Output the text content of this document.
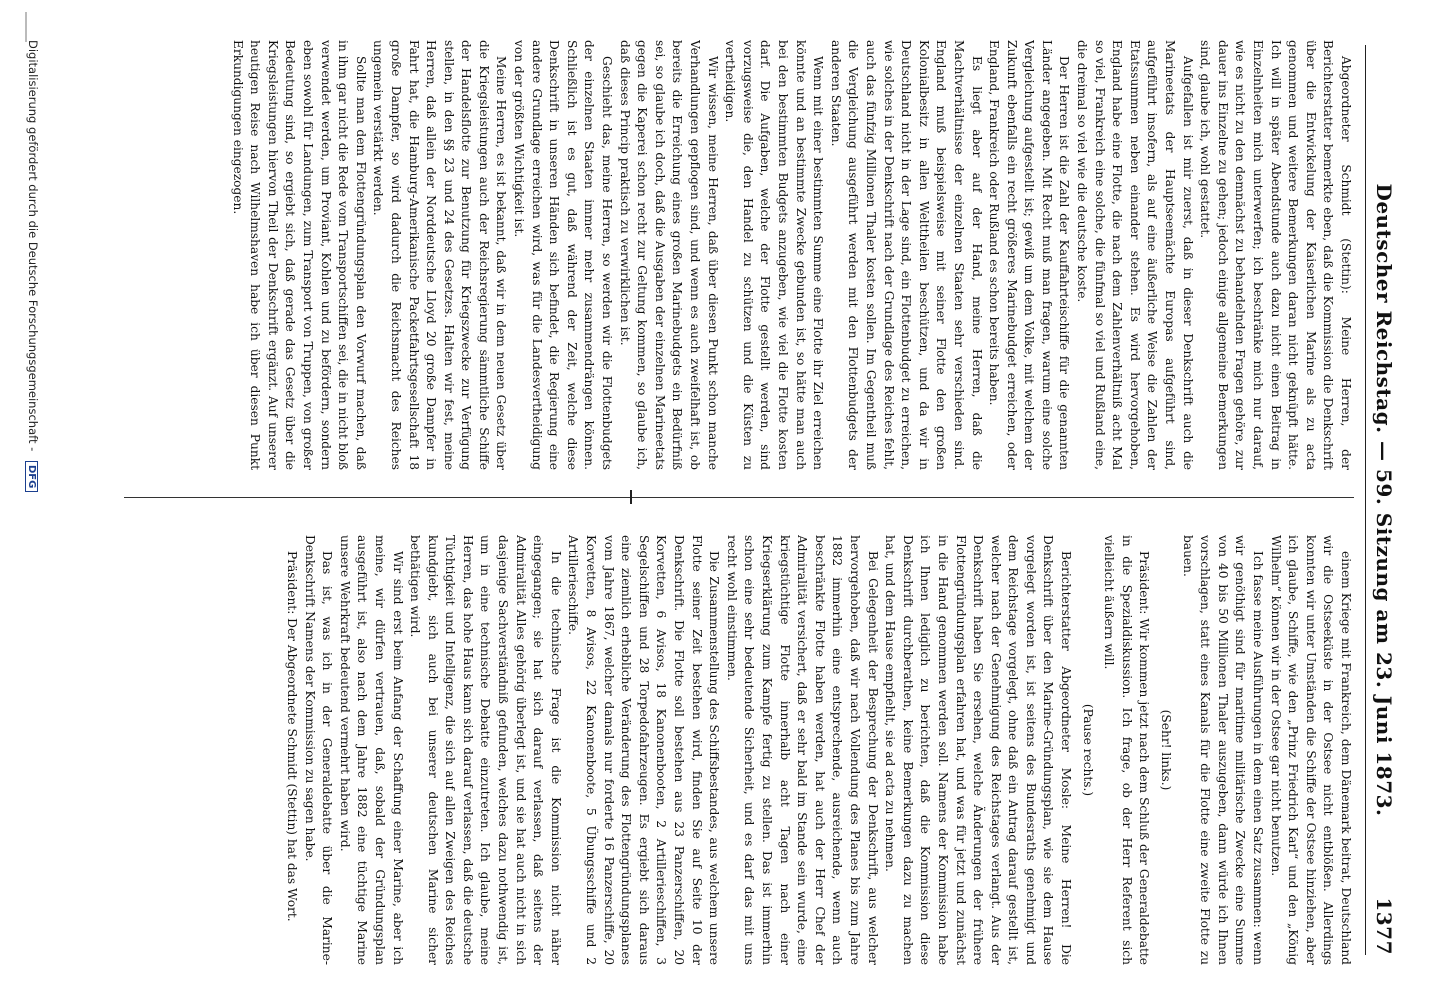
Deutscher Reichstag. — 59. Sitzung am 23. Juni 1873.
1377

Abgeordneter Schmidt (Stettin): Meine Herren, der Berichterstatter bemerkte eben, daß die Kommission die Denkschrift über die Entwickelung der Kaiserlichen Marine als zu acta genommen und weitere Bemerkungen daran nicht geknüpft hätte. Ich will in später Abendstunde auch dazu nicht einen Beitrag in Einzelnheiten mich unterwerfen; ich beschränke mich nur darauf, wie es nicht zu den demnächst zu behandelnden Fragen gehöre, zur dauer ins Einzelne zu gehen; jedoch einige allgemeine Bemerkungen sind, glaube ich, wohl gestattet.

Aufgefallen ist mir zuerst, daß in dieser Denkschrift auch die Marineetats der Hauptseemächte Europas aufgeführt sind, aufgeführt insofern, als auf eine äußerliche Weise die Zahlen der Etatssummen neben einander stehen. Es wird hervorgehoben, England habe eine Flotte, die nach dem Zahlenverhältniß acht Mal so viel, Frankreich eine solche, die fünfmal so viel und Rußland eine, die dreimal so viel wie die deutsche koste.

Der Herren ist die Zahl der Kauffahrteischiffe für die genannten Länder angegeben. Mit Recht muß man fragen, warum eine solche Vergleichung aufgestellt ist; gewiß um dem Volke, mit welchem der Zukunft ebenfalls ein recht größeres Marinebudget erreichen, oder England, Frankreich oder Rußland es schon bereits haben.

Es liegt aber auf der Hand, meine Herren, daß die Machtverhältnisse der einzelnen Staaten sehr verschieden sind. England muß beispielsweise mit seiner Flotte den großen Kolonialbesitz in allen Welttheilen beschützen, und da wir in Deutschland nicht in der Lage sind, ein Flottenbudget zu erreichen, wie solches in der Denkschrift nach der Grundlage des Reiches fehlt, auch das fünfzig Millionen Thaler kosten sollen. Im Gegentheil muß die Vergleichung ausgeführt werden mit den Flottenbudgets der anderen Staaten.

Wenn mit einer bestimmten Summe eine Flotte ihr Ziel erreichen könnte und an bestimmte Zwecke gebunden ist, so hätte man auch bei den bestimmten Budgets anzugeben, wie viel die Flotte kosten darf. Die Aufgaben, welche der Flotte gestellt werden, sind vorzugsweise die, den Handel zu schützen und die Küsten zu vertheidigen.

Wir wissen, meine Herren, daß über diesen Punkt schon manche Verhandlungen gepflogen sind, und wenn es auch zweifelhaft ist, ob bereits die Erreichung eines großen Marinebudgets ein Bedürfniß sei, so glaube ich doch, daß die Ausgaben der einzelnen Marineetats gegen die Kaperei schon recht zur Geltung kommen, so glaube ich, daß dieses Princip praktisch zu verwirklichen ist.

Geschieht das, meine Herren, so werden wir die Flottenbudgets der einzelnen Staaten immer mehr zusammendrängen können. Schließlich ist es gut, daß während der Zeit, welche diese Denkschrift in unseren Händen sich befindet, die Regierung eine andere Grundlage erreichen wird, was für die Landesvertheidigung von der größten Wichtigkeit ist.

Meine Herren, es ist bekannt, daß wir in dem neuen Gesetz über die Kriegsleistungen auch der Reichsregierung sämmtliche Schiffe der Handelsflotte zur Benutzung für Kriegszwecke zur Verfügung stellen, in den §§ 23 und 24 des Gesetzes. Halten wir fest, meine Herren, daß allein der Norddeutsche Lloyd 20 große Dampfer in Fahrt hat, die Hamburg-Amerikanische Packetfahrtsgesellschaft 18 große Dampfer, so wird dadurch die Reichsmacht des Reiches ungemein verstärkt werden.

Sollte man dem Flottengründungsplan den Vorwurf machen, daß in ihm gar nicht die Rede vom Transportschiffen sei, die in nicht bloß verwendet werden, um Proviant, Kohlen und zu befördern, sondern eben sowohl für Landungen, zum Transport von Truppen, von großer Bedeutung sind, so ergiebt sich, daß gerade das Gesetz über die Kriegsleistungen hiervon Theil der Denkschrift ergänzt. Auf unserer heutigen Reise nach Wilhelmshaven habe ich über diesen Punkt Erkundigungen eingezogen.

einem Kriege mit Frankreich, dem Dänemark beitrat, Deutschland wir die Ostseeküste in der Ostsee nicht entblößen. Allerdings konnten wir unter Umständen die Schiffe der Ostsee hinziehen, aber ich glaube, Schiffe, wie den „Prinz Friedrich Karl“ und den „König Wilhelm“ können wir in der Ostsee gar nicht benutzen.

Ich fasse meine Ausführungen in dem einen Satz zusammen: wenn wir genöthigt sind für maritime militärische Zwecke eine Summe von 40 bis 50 Millionen Thaler auszugeben, dann würde ich Ihnen vorschlagen, statt eines Kanals für die Flotte eine zweite Flotte zu bauen.

(Sehr! links.)

Präsident: Wir kommen jetzt nach dem Schluß der Generaldebatte in die Spezialdiskussion. Ich frage, ob der Herr Referent sich vielleicht äußern will.

(Pause rechts.)

Berichterstatter Abgeordneter Mosle: Meine Herren! Die Denkschrift über den Marine-Gründungsplan, wie sie dem Hause vorgelegt worden ist, ist seitens des Bundesraths genehmigt und dem Reichstage vorgelegt, ohne daß ein Antrag darauf gestellt ist, welcher nach der Genehmigung des Reichstages verlangt. Aus der Denkschrift haben Sie ersehen, welche Änderungen der frühere Flottengründungsplan erfahren hat, und was für jetzt und zunächst in die Hand genommen werden soll. Namens der Kommission habe ich Ihnen lediglich zu berichten, daß die Kommission diese Denkschrift durchberathen, keine Bemerkungen dazu zu machen hat, und dem Hause empfiehlt, sie ad acta zu nehmen.

Bei Gelegenheit der Besprechung der Denkschrift, aus welcher hervorgehoben, daß wir nach Vollendung des Planes bis zum Jahre 1882 immerhin eine entsprechende, ausreichende, wenn auch beschränkte Flotte haben werden, hat auch der Herr Chef der Admiralität versichert, daß er sehr bald im Stande sein wurde, eine kriegstüchtige Flotte innerhalb acht Tagen nach einer Kriegserklärung zum Kampfe fertig zu stellen. Das ist immerhin schon eine sehr bedeutende Sicherheit, und es darf das mit uns recht wohl einstimmen.

Die Zusammenstellung des Schiffsbestandes, aus welchem unsere Flotte seiner Zeit bestehen wird, finden Sie auf Seite 10 der Denkschrift. Die Flotte soll bestehen aus 23 Panzerschiffen, 20 Korvetten, 6 Avisos, 18 Kanonenbooten, 2 Artillerieschiffen, 3 Segelschiffen und 28 Torpedofahrzeugen. Es ergiebt sich daraus eine ziemlich erhebliche Veränderung des Flottengründungsplanes vom Jahre 1867, welcher damals nur forderte 16 Panzerschiffe, 20 Korvetten, 8 Avisos, 22 Kanonenboote, 5 Übungsschiffe und 2 Artillerieschiffe.

In die technische Frage ist die Kommission nicht näher eingegangen; sie hat sich darauf verlassen, daß seitens der Admiralität Alles gehörig überlegt ist, und sie hat auch nicht in sich dasjenige Sachverständniß gefunden, welches dazu nothwendig ist, um in eine technische Debatte einzutreten. Ich glaube, meine Herren, das hohe Haus kann sich darauf verlassen, daß die deutsche Tüchtigkeit und Intelligenz, die sich auf allen Zweigen des Reiches kundgiebt, sich auch bei unserer deutschen Marine sicher bethätigen wird.

Wir sind erst beim Anfang der Schaffung einer Marine, aber ich meine, wir dürfen vertrauen, daß, sobald der Gründungsplan ausgeführt ist, also nach dem Jahre 1882 eine tüchtige Marine unsere Wehrkraft bedeutend vermehrt haben wird.

Das ist, was ich in der Generaldebatte über die Marine-Denkschrift Namens der Kommission zu sagen habe.

Präsident: Der Abgeordnete Schmidt (Stettin) hat das Wort.

Digitalisierung gefördert durch die Deutsche Forschungsgemeinschaft - DFG
